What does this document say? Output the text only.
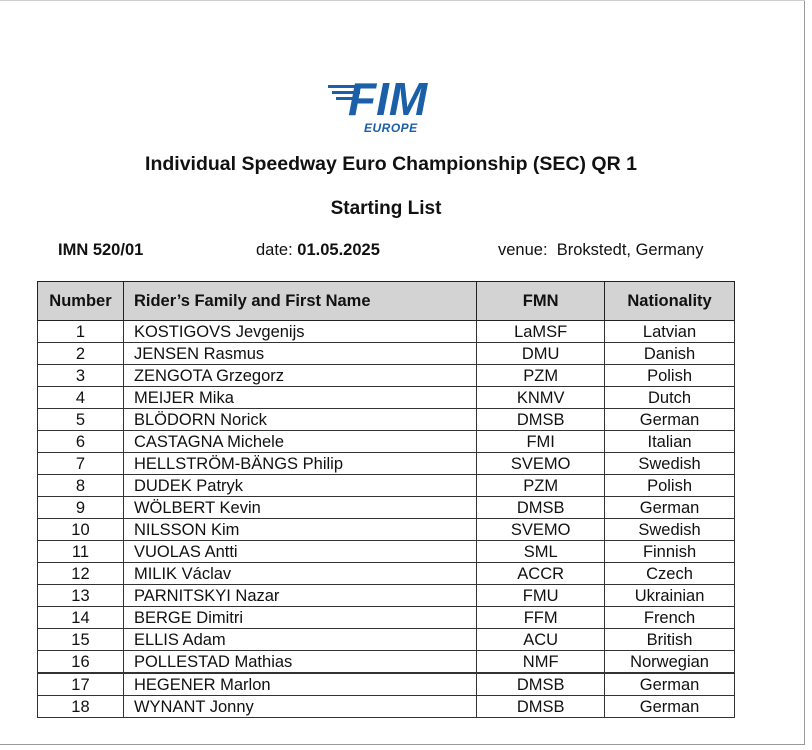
FIM
EUROPE
Individual Speedway Euro Championship (SEC) QR 1
Starting List
IMN 520/01	date: 01.05.2025	venue: Brokstedt, Germany
Number	Rider’s Family and First Name	FMN	Nationality
1	KOSTIGOVS Jevgenijs	LaMSF	Latvian
2	JENSEN Rasmus	DMU	Danish
3	ZENGOTA Grzegorz	PZM	Polish
4	MEIJER Mika	KNMV	Dutch
5	BLÖDORN Norick	DMSB	German
6	CASTAGNA Michele	FMI	Italian
7	HELLSTRÖM-BÄNGS Philip	SVEMO	Swedish
8	DUDEK Patryk	PZM	Polish
9	WÖLBERT Kevin	DMSB	German
10	NILSSON Kim	SVEMO	Swedish
11	VUOLAS Antti	SML	Finnish
12	MILIK Václav	ACCR	Czech
13	PARNITSKYI Nazar	FMU	Ukrainian
14	BERGE Dimitri	FFM	French
15	ELLIS Adam	ACU	British
16	POLLESTAD Mathias	NMF	Norwegian
17	HEGENER Marlon	DMSB	German
18	WYNANT Jonny	DMSB	German
